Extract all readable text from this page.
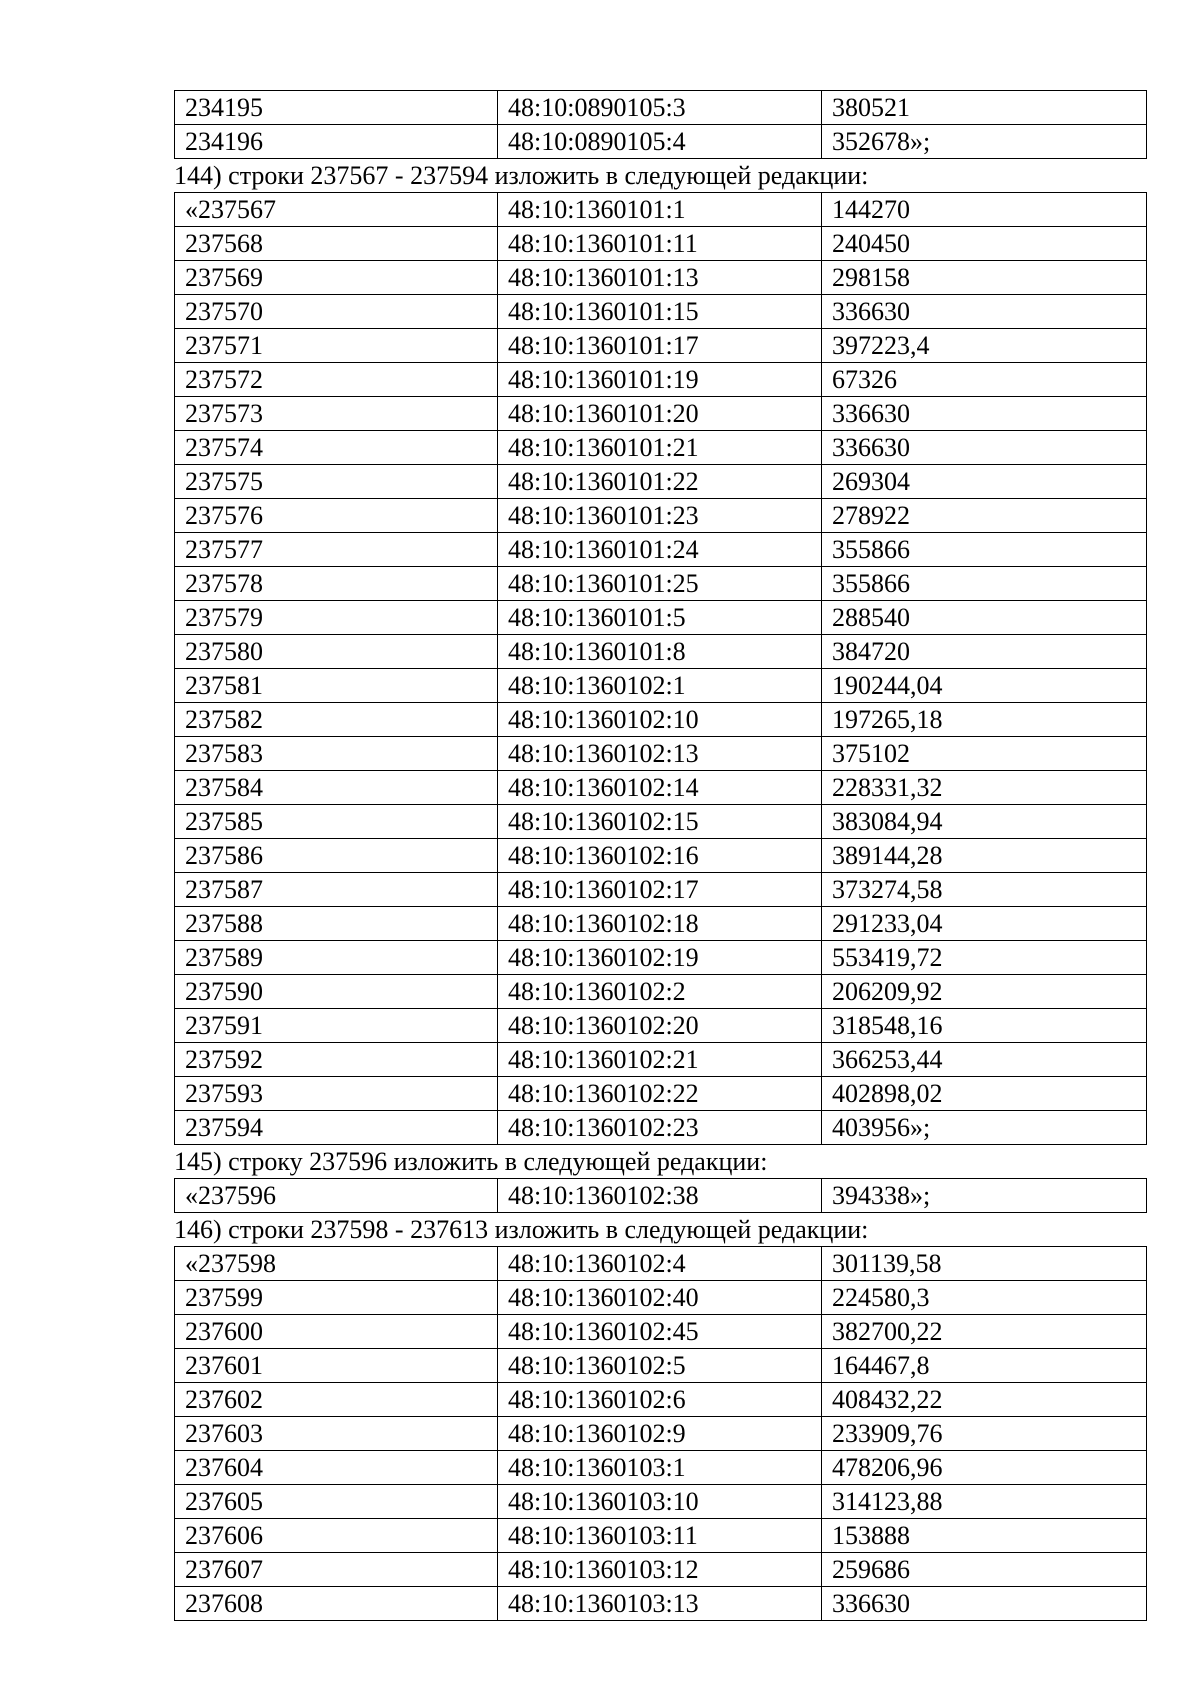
234195	48:10:0890105:3	380521
234196	48:10:0890105:4	352678»;
144) строки 237567 - 237594 изложить в следующей редакции:
«237567	48:10:1360101:1	144270
237568	48:10:1360101:11	240450
237569	48:10:1360101:13	298158
237570	48:10:1360101:15	336630
237571	48:10:1360101:17	397223,4
237572	48:10:1360101:19	67326
237573	48:10:1360101:20	336630
237574	48:10:1360101:21	336630
237575	48:10:1360101:22	269304
237576	48:10:1360101:23	278922
237577	48:10:1360101:24	355866
237578	48:10:1360101:25	355866
237579	48:10:1360101:5	288540
237580	48:10:1360101:8	384720
237581	48:10:1360102:1	190244,04
237582	48:10:1360102:10	197265,18
237583	48:10:1360102:13	375102
237584	48:10:1360102:14	228331,32
237585	48:10:1360102:15	383084,94
237586	48:10:1360102:16	389144,28
237587	48:10:1360102:17	373274,58
237588	48:10:1360102:18	291233,04
237589	48:10:1360102:19	553419,72
237590	48:10:1360102:2	206209,92
237591	48:10:1360102:20	318548,16
237592	48:10:1360102:21	366253,44
237593	48:10:1360102:22	402898,02
237594	48:10:1360102:23	403956»;
145) строку 237596 изложить в следующей редакции:
«237596	48:10:1360102:38	394338»;
146) строки 237598 - 237613 изложить в следующей редакции:
«237598	48:10:1360102:4	301139,58
237599	48:10:1360102:40	224580,3
237600	48:10:1360102:45	382700,22
237601	48:10:1360102:5	164467,8
237602	48:10:1360102:6	408432,22
237603	48:10:1360102:9	233909,76
237604	48:10:1360103:1	478206,96
237605	48:10:1360103:10	314123,88
237606	48:10:1360103:11	153888
237607	48:10:1360103:12	259686
237608	48:10:1360103:13	336630
